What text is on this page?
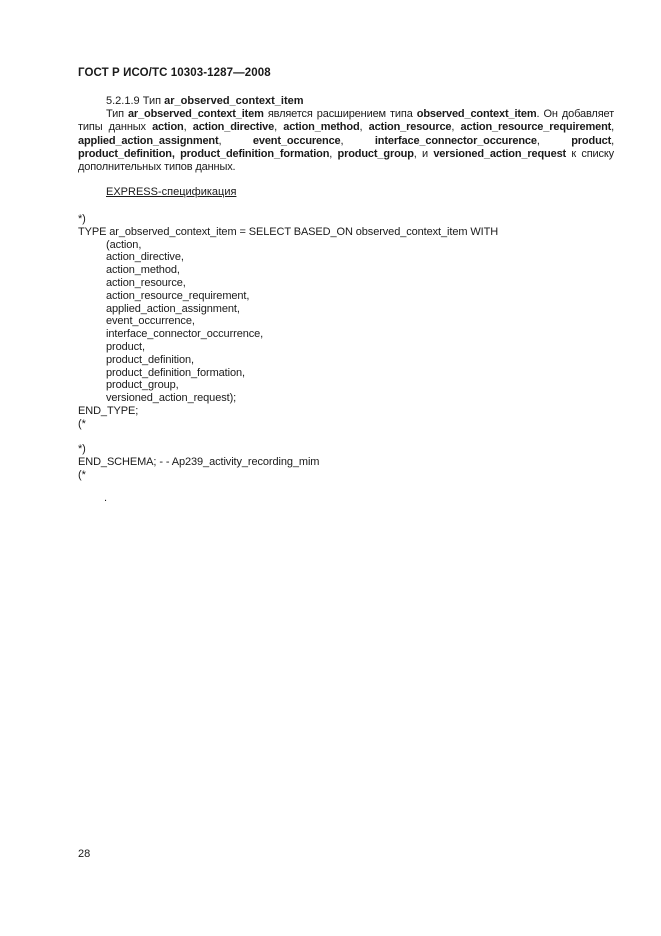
ГОСТ Р ИСО/ТС 10303-1287—2008
5.2.1.9 Тип ar_observed_context_item
Тип ar_observed_context_item является расширением типа observed_context_item. Он добавляет типы данных action, action_directive, action_method, action_resource, action_resource_requirement, applied_action_assignment, event_occurence, interface_connector_occurence, product, product_definition, product_definition_formation, product_group, и versioned_action_request к списку дополнительных типов данных.
EXPRESS-спецификация
*)
TYPE ar_observed_context_item = SELECT BASED_ON observed_context_item WITH
(action,
action_directive,
action_method,
action_resource,
action_resource_requirement,
applied_action_assignment,
event_occurrence,
interface_connector_occurrence,
product,
product_definition,
product_definition_formation,
product_group,
versioned_action_request);
END_TYPE;
(*
*)
END_SCHEMA; - - Ap239_activity_recording_mim
(*
.
28
